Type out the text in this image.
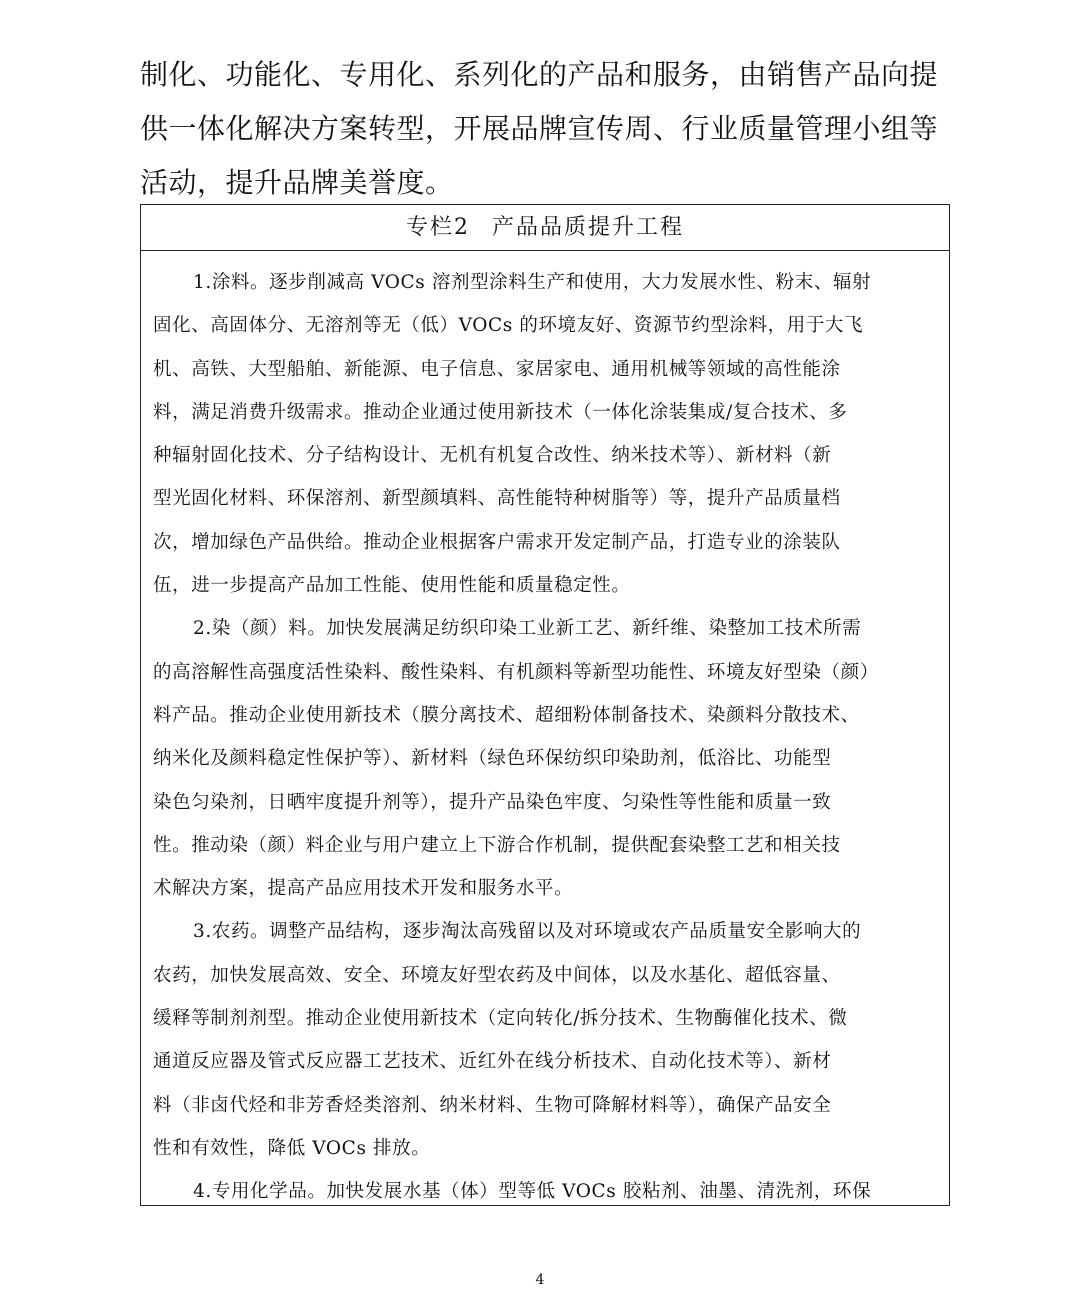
制化、功能化、专用化、系列化的产品和服务，由销售产品向提
供一体化解决方案转型，开展品牌宣传周、行业质量管理小组等
活动，提升品牌美誉度。
专栏2 产品品质提升工程
1.涂料。逐步削减高 VOCs 溶剂型涂料生产和使用，大力发展水性、粉末、辐射
固化、高固体分、无溶剂等无（低）VOCs 的环境友好、资源节约型涂料，用于大飞
机、高铁、大型船舶、新能源、电子信息、家居家电、通用机械等领域的高性能涂
料，满足消费升级需求。推动企业通过使用新技术（一体化涂装集成/复合技术、多
种辐射固化技术、分子结构设计、无机有机复合改性、纳米技术等）、新材料（新
型光固化材料、环保溶剂、新型颜填料、高性能特种树脂等）等，提升产品质量档
次，增加绿色产品供给。推动企业根据客户需求开发定制产品，打造专业的涂装队
伍，进一步提高产品加工性能、使用性能和质量稳定性。
2.染（颜）料。加快发展满足纺织印染工业新工艺、新纤维、染整加工技术所需
的高溶解性高强度活性染料、酸性染料、有机颜料等新型功能性、环境友好型染（颜）
料产品。推动企业使用新技术（膜分离技术、超细粉体制备技术、染颜料分散技术、
纳米化及颜料稳定性保护等）、新材料（绿色环保纺织印染助剂，低浴比、功能型
染色匀染剂，日晒牢度提升剂等），提升产品染色牢度、匀染性等性能和质量一致
性。推动染（颜）料企业与用户建立上下游合作机制，提供配套染整工艺和相关技
术解决方案，提高产品应用技术开发和服务水平。
3.农药。调整产品结构，逐步淘汰高残留以及对环境或农产品质量安全影响大的
农药，加快发展高效、安全、环境友好型农药及中间体，以及水基化、超低容量、
缓释等制剂剂型。推动企业使用新技术（定向转化/拆分技术、生物酶催化技术、微
通道反应器及管式反应器工艺技术、近红外在线分析技术、自动化技术等）、新材
料（非卤代烃和非芳香烃类溶剂、纳米材料、生物可降解材料等），确保产品安全
性和有效性，降低 VOCs 排放。
4.专用化学品。加快发展水基（体）型等低 VOCs 胶粘剂、油墨、清洗剂，环保
4
